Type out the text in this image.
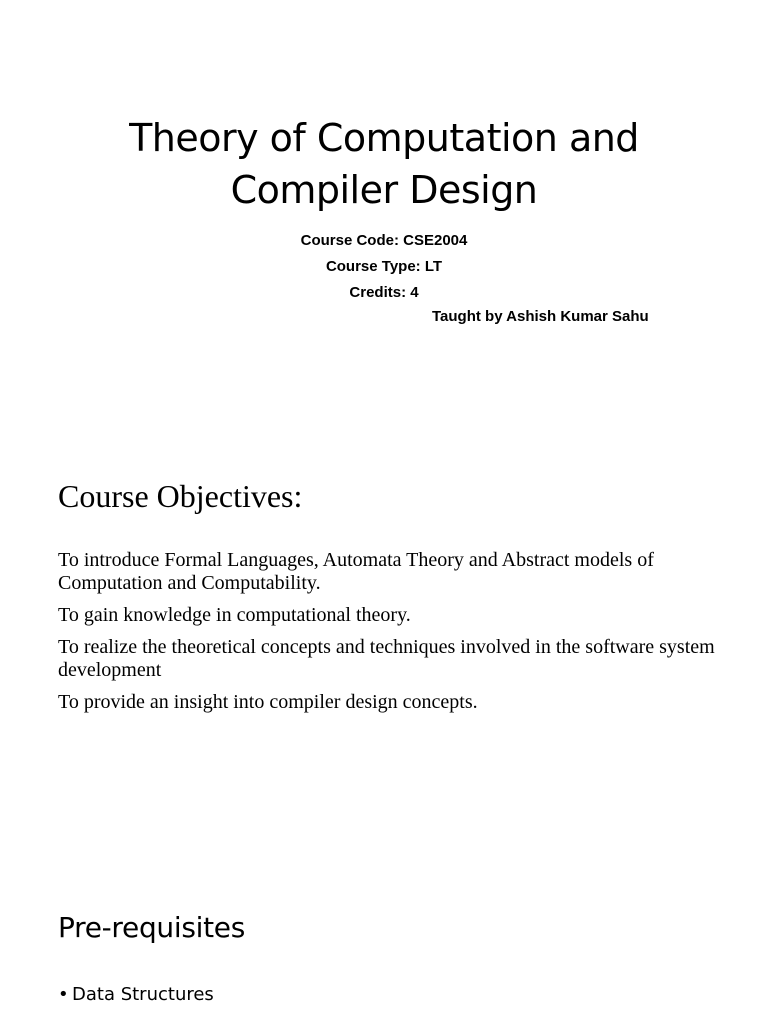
Theory of Computation and
Compiler Design
Course Code: CSE2004
Course Type: LT
Credits: 4
Taught by Ashish Kumar Sahu
Course Objectives:

To introduce Formal Languages, Automata Theory and Abstract models of Computation and Computability.

To gain knowledge in computational theory.

To realize the theoretical concepts and techniques involved in the software system development

To provide an insight into compiler design concepts.

Pre-requisites
• Data Structures
